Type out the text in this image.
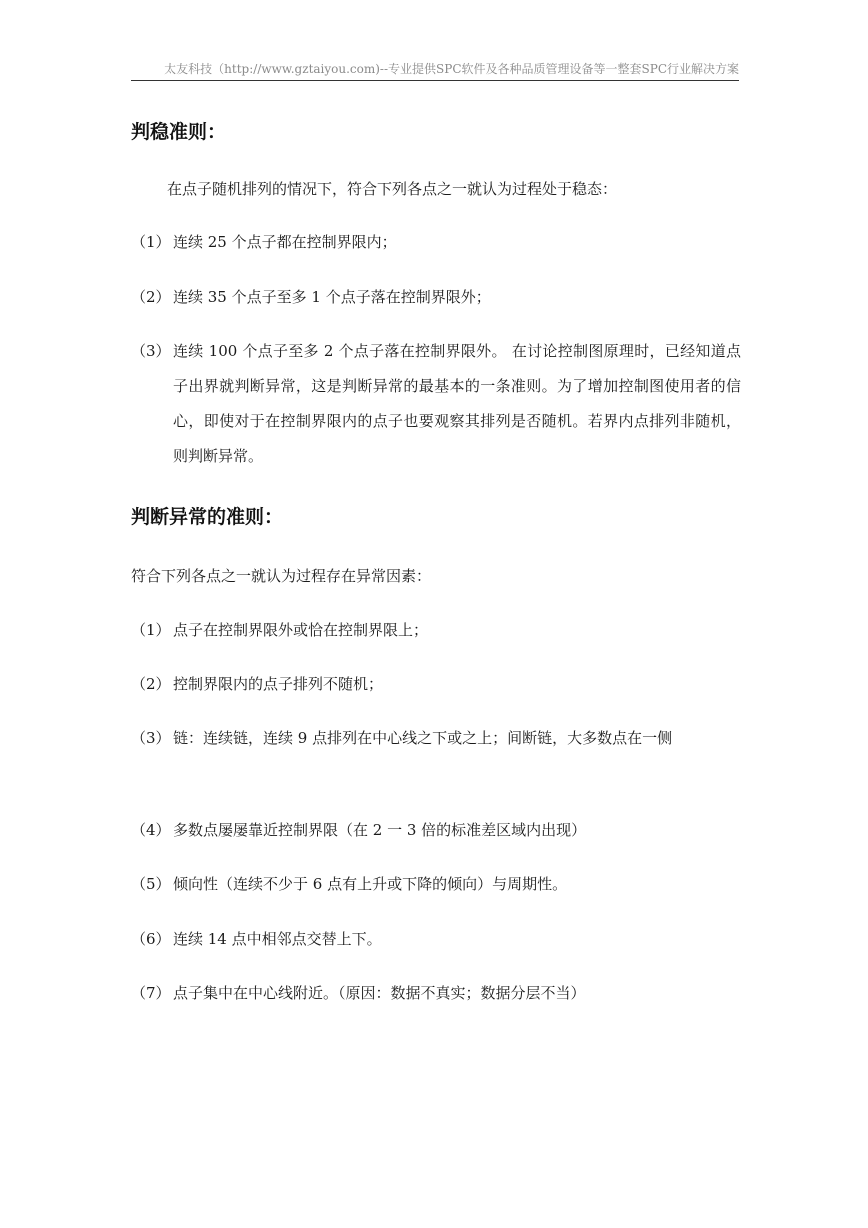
太友科技（http://www.gztaiyou.com)--专业提供SPC软件及各种品质管理设备等一整套SPC行业解决方案
判稳准则：
在点子随机排列的情况下，符合下列各点之一就认为过程处于稳态：
（1） 连续 25 个点子都在控制界限内；
（2） 连续 35 个点子至多 1 个点子落在控制界限外；
（3） 连续 100 个点子至多 2 个点子落在控制界限外。 在讨论控制图原理时，已经知道点子出界就判断异常，这是判断异常的最基本的一条准则。为了增加控制图使用者的信心，即使对于在控制界限内的点子也要观察其排列是否随机。若界内点排列非随机，则判断异常。
判断异常的准则：
符合下列各点之一就认为过程存在异常因素：
（1） 点子在控制界限外或恰在控制界限上；
（2） 控制界限内的点子排列不随机；
（3） 链：连续链，连续 9 点排列在中心线之下或之上；间断链，大多数点在一侧
（4） 多数点屡屡靠近控制界限（在 2 一 3 倍的标准差区域内出现）
（5） 倾向性（连续不少于 6 点有上升或下降的倾向）与周期性。
（6） 连续 14 点中相邻点交替上下。
（7） 点子集中在中心线附近。（原因：数据不真实；数据分层不当）
